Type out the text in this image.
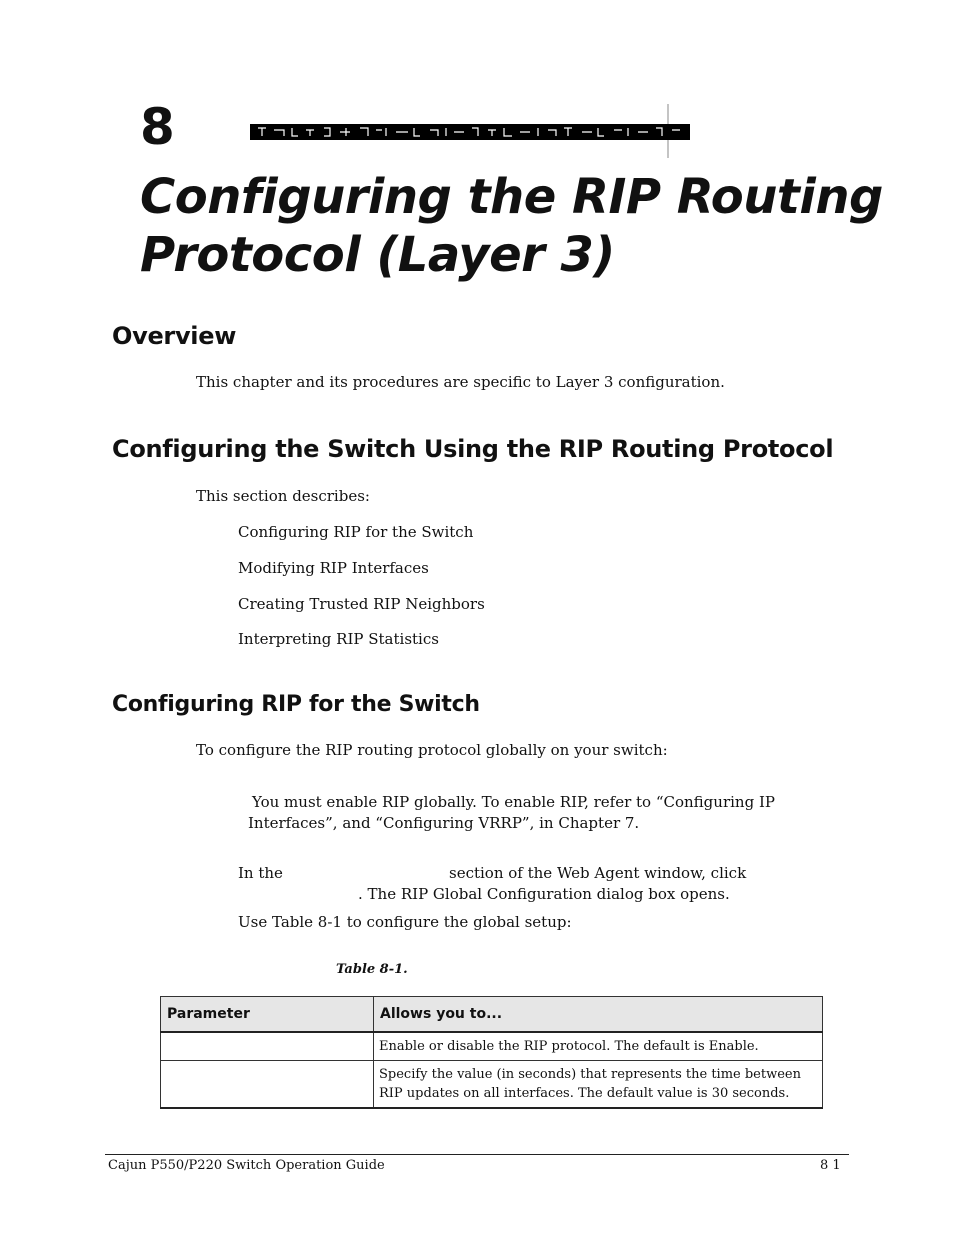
8
Configuring the RIP Routing
Protocol (Layer 3)
Overview
This chapter and its procedures are specific to Layer 3 configuration.
Configuring the Switch Using the RIP Routing Protocol
This section describes:
Configuring RIP for the Switch
Modifying RIP Interfaces
Creating Trusted RIP Neighbors
Interpreting RIP Statistics
Configuring RIP for the Switch
To configure the RIP routing protocol globally on your switch:
You must enable RIP globally. To enable RIP, refer to “Configuring IP
Interfaces”, and “Configuring VRRP”, in Chapter 7.
In the	section of the Web Agent window, click
. The RIP Global Configuration dialog box opens.
Use Table 8-1 to configure the global setup:
Table 8-1.
Parameter	Allows you to...

	Enable or disable the RIP protocol. The default is Enable.

	Specify the value (in seconds) that represents the time between
RIP updates on all interfaces. The default value is 30 seconds.
Cajun P550/P220 Switch Operation Guide	8 1
